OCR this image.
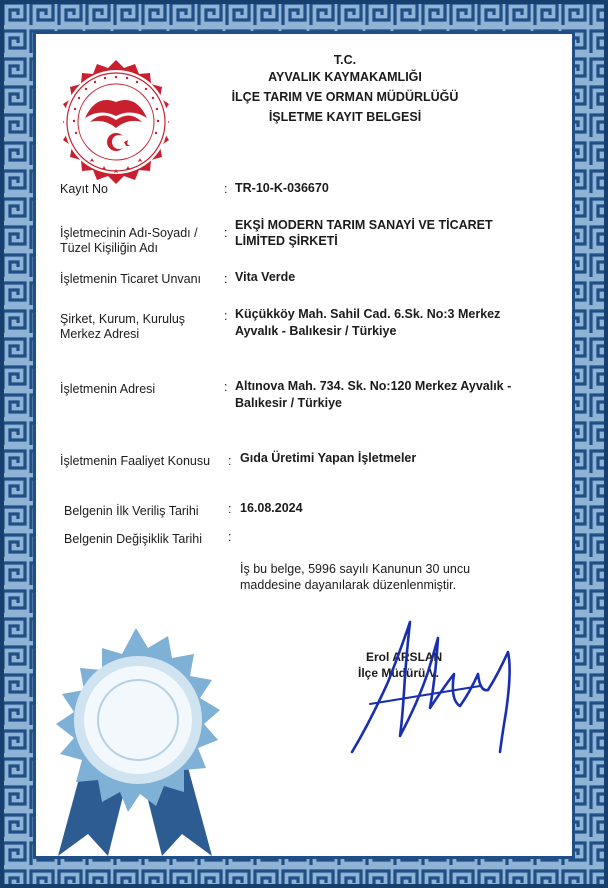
T.C.
AYVALIK KAYMAKAMLIĞI
İLÇE TARIM VE ORMAN MÜDÜRLÜĞÜ
İŞLETME KAYIT BELGESİ
Kayıt No	: TR-10-K-036670
İşletmecinin Adı-Soyadı /
Tüzel Kişiliğin Adı
:
EKŞİ MODERN TARIM SANAYİ VE TİCARET
LİMİTED ŞİRKETİ
İşletmenin Ticaret Unvanı : Vita Verde
Şirket, Kurum, Kuruluş
Merkez Adresi
: Küçükköy Mah. Sahil Cad. 6.Sk. No:3 Merkez
Ayvalık - Balıkesir / Türkiye
İşletmenin Adresi	: Altınova Mah. 734. Sk. No:120 Merkez Ayvalık -
Balıkesir / Türkiye
İşletmenin Faaliyet Konusu : Gıda Üretimi Yapan İşletmeler
Belgenin İlk Veriliş Tarihi : 16.08.2024
Belgenin Değişiklik Tarihi :
İş bu belge, 5996 sayılı Kanunun 30 uncu
maddesine dayanılarak düzenlenmiştir.
Erol ARSLAN
İlçe Müdürü V.
